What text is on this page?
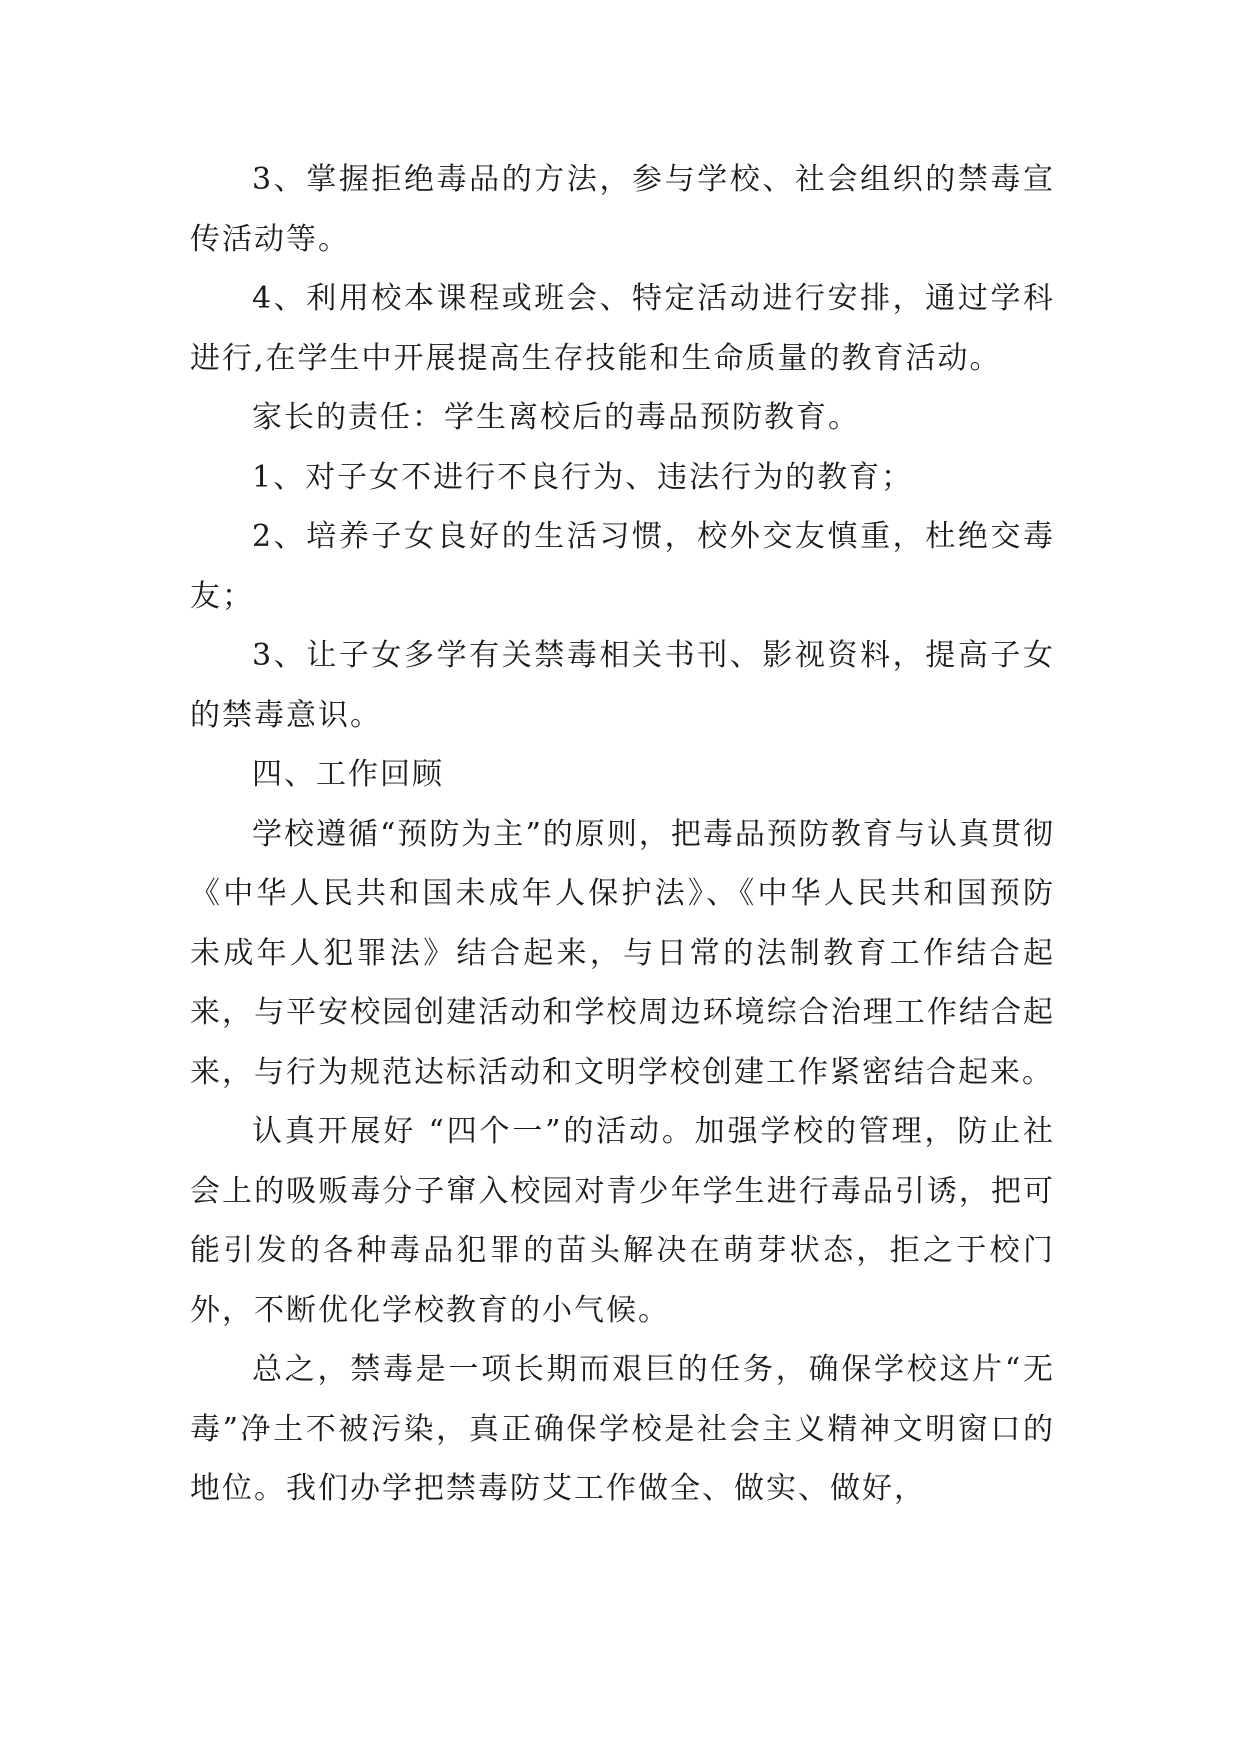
3、掌握拒绝毒品的方法，参与学校、社会组织的禁毒宣传活动等。

4、利用校本课程或班会、特定活动进行安排，通过学科进行,在学生中开展提高生存技能和生命质量的教育活动。

家长的责任：学生离校后的毒品预防教育。

1、对子女不进行不良行为、违法行为的教育；

2、培养子女良好的生活习惯，校外交友慎重，杜绝交毒友；

3、让子女多学有关禁毒相关书刊、影视资料，提高子女的禁毒意识。

四、工作回顾

学校遵循“预防为主”的原则，把毒品预防教育与认真贯彻《中华人民共和国未成年人保护法》、《中华人民共和国预防未成年人犯罪法》结合起来，与日常的法制教育工作结合起来，与平安校园创建活动和学校周边环境综合治理工作结合起来，与行为规范达标活动和文明学校创建工作紧密结合起来。

认真开展好 “四个一”的活动。加强学校的管理，防止社会上的吸贩毒分子窜入校园对青少年学生进行毒品引诱，把可能引发的各种毒品犯罪的苗头解决在萌芽状态，拒之于校门外，不断优化学校教育的小气候。

总之，禁毒是一项长期而艰巨的任务，确保学校这片“无毒”净土不被污染，真正确保学校是社会主义精神文明窗口的地位。我们办学把禁毒防艾工作做全、做实、做好，
